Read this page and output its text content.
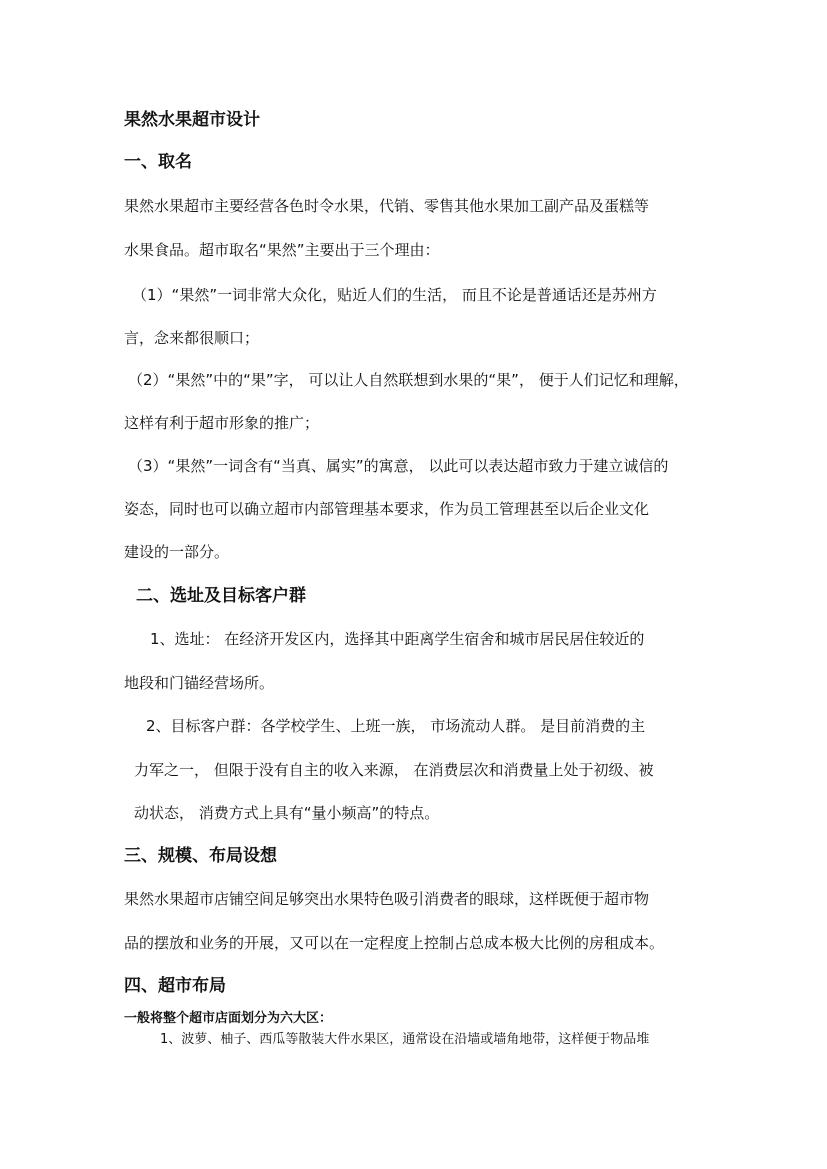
果然水果超市设计
一、取名
果然水果超市主要经营各色时令水果，代销、零售其他水果加工副产品及蛋糕等
水果食品。超市取名“果然”主要出于三个理由：
（1）“果然”一词非常大众化，贴近人们的生活， 而且不论是普通话还是苏州方
言，念来都很顺口；
（2）“果然”中的“果”字， 可以让人自然联想到水果的“果”， 便于人们记忆和理解，
这样有利于超市形象的推广；
（3）“果然”一词含有“当真、属实”的寓意， 以此可以表达超市致力于建立诚信的
姿态，同时也可以确立超市内部管理基本要求，作为员工管理甚至以后企业文化
建设的一部分。
二、选址及目标客户群
1、选址： 在经济开发区内，选择其中距离学生宿舍和城市居民居住较近的
地段和门锚经营场所。
2、目标客户群：各学校学生、上班一族， 市场流动人群。 是目前消费的主
力军之一， 但限于没有自主的收入来源， 在消费层次和消费量上处于初级、被
动状态， 消费方式上具有“量小频高”的特点。
三、规模、布局设想
果然水果超市店铺空间足够突出水果特色吸引消费者的眼球，这样既便于超市物
品的摆放和业务的开展，又可以在一定程度上控制占总成本极大比例的房租成本。
四、超市布局
一般将整个超市店面划分为六大区：
1、波萝、柚子、西瓜等散装大件水果区，通常设在沿墙或墙角地带，这样便于物品堆
